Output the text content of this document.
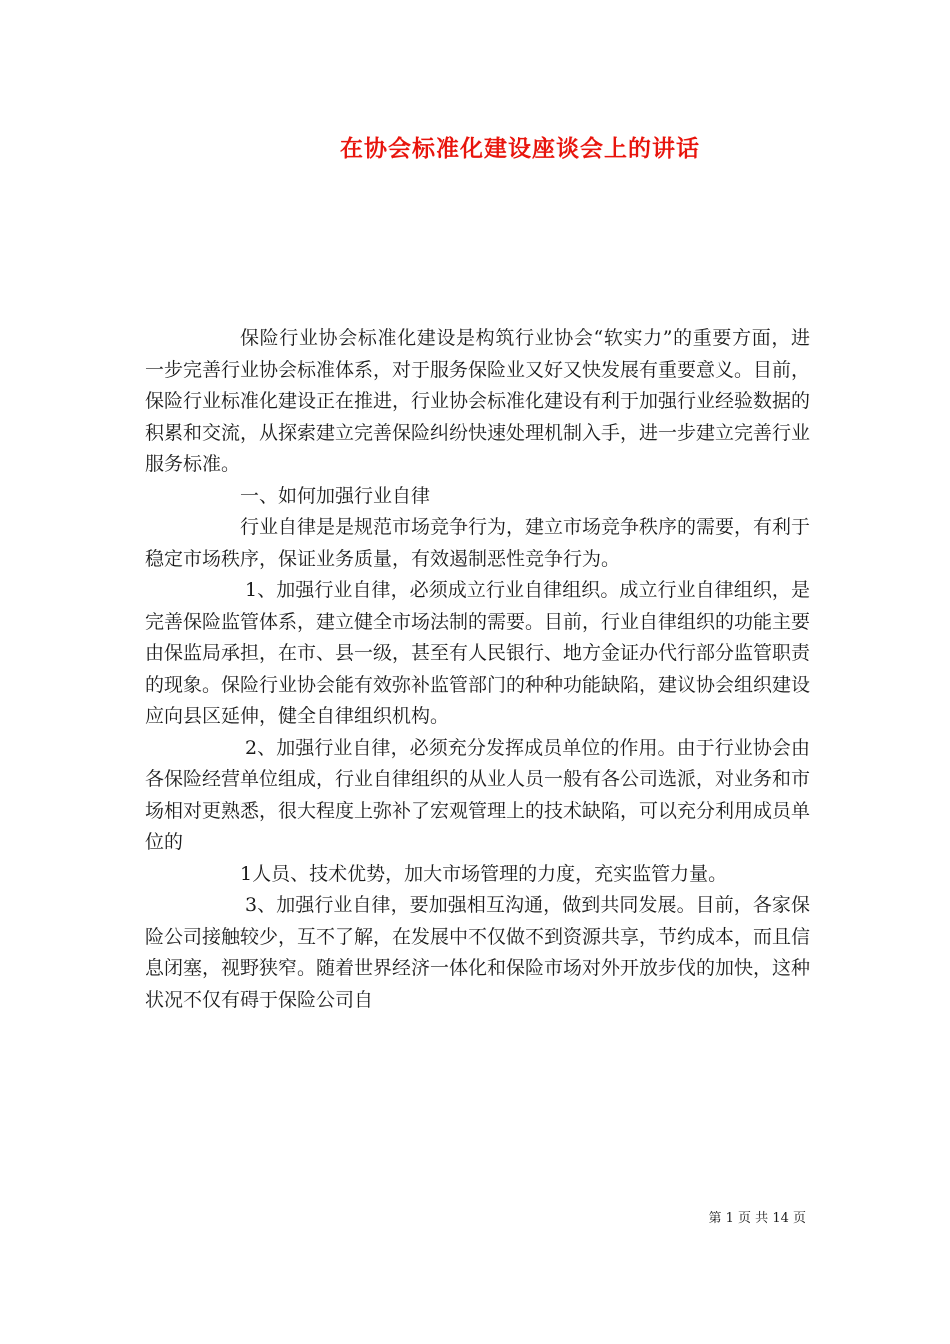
在协会标准化建设座谈会上的讲话

保险行业协会标准化建设是构筑行业协会“软实力”的重要方面，进一步完善行业协会标准体系，对于服务保险业又好又快发展有重要意义。目前，保险行业标准化建设正在推进，行业协会标准化建设有利于加强行业经验数据的积累和交流，从探索建立完善保险纠纷快速处理机制入手，进一步建立完善行业服务标准。

一、如何加强行业自律

行业自律是是规范市场竞争行为，建立市场竞争秩序的需要，有利于稳定市场秩序，保证业务质量，有效遏制恶性竞争行为。

1、加强行业自律，必须成立行业自律组织。成立行业自律组织，是完善保险监管体系，建立健全市场法制的需要。目前，行业自律组织的功能主要由保监局承担，在市、县一级，甚至有人民银行、地方金证办代行部分监管职责的现象。保险行业协会能有效弥补监管部门的种种功能缺陷，建议协会组织建设应向县区延伸，健全自律组织机构。

2、加强行业自律，必须充分发挥成员单位的作用。由于行业协会由各保险经营单位组成，行业自律组织的从业人员一般有各公司选派，对业务和市场相对更熟悉，很大程度上弥补了宏观管理上的技术缺陷，可以充分利用成员单位的

1人员、技术优势，加大市场管理的力度，充实监管力量。

3、加强行业自律，要加强相互沟通，做到共同发展。目前，各家保险公司接触较少，互不了解，在发展中不仅做不到资源共享，节约成本，而且信息闭塞，视野狭窄。随着世界经济一体化和保险市场对外开放步伐的加快，这种状况不仅有碍于保险公司自

第 1 页 共 14 页
